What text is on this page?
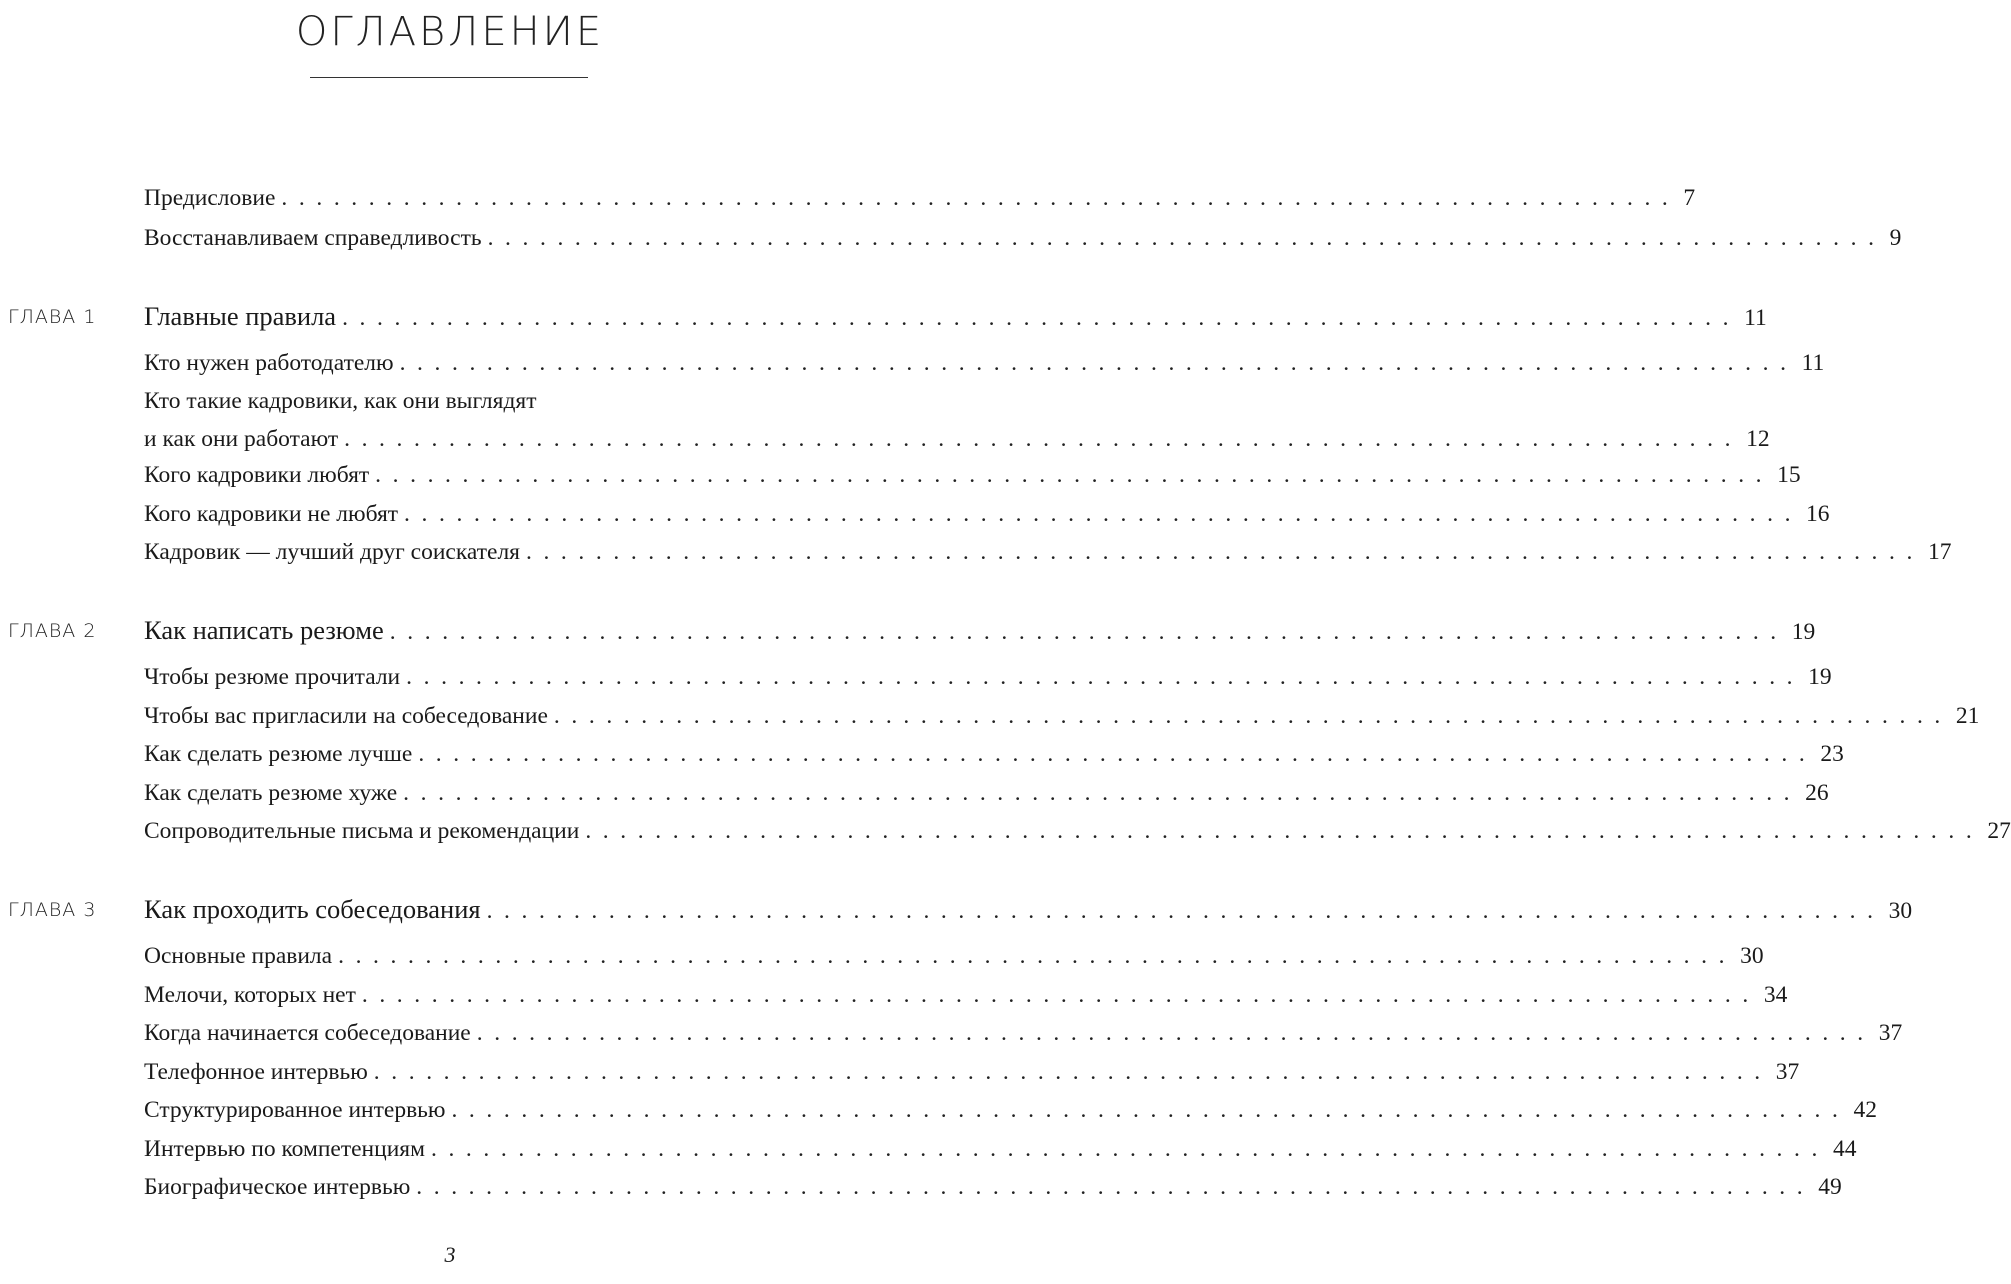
ОГЛАВЛЕНИЕ
Предисловие ................................................................................ 7
Восстанавливаем справедливость ................................................................................ 9
ГЛАВА 1 Главные правила ................................................................................ 11
Кто нужен работодателю ................................................................................ 11
Кто такие кадровики, как они выглядят
и как они работают ................................................................................ 12
Кого кадровики любят ................................................................................ 15
Кого кадровики не любят ................................................................................ 16
Кадровик — лучший друг соискателя ................................................................................ 17
ГЛАВА 2 Как написать резюме ................................................................................ 19
Чтобы резюме прочитали ................................................................................ 19
Чтобы вас пригласили на собеседование ................................................................................ 21
Как сделать резюме лучше ................................................................................ 23
Как сделать резюме хуже ................................................................................ 26
Сопроводительные письма и рекомендации ................................................................................ 27
ГЛАВА 3 Как проходить собеседования ................................................................................ 30
Основные правила ................................................................................ 30
Мелочи, которых нет ................................................................................ 34
Когда начинается собеседование ................................................................................ 37
Телефонное интервью ................................................................................ 37
Структурированное интервью ................................................................................ 42
Интервью по компетенциям ................................................................................ 44
Биографическое интервью ................................................................................ 49
3
